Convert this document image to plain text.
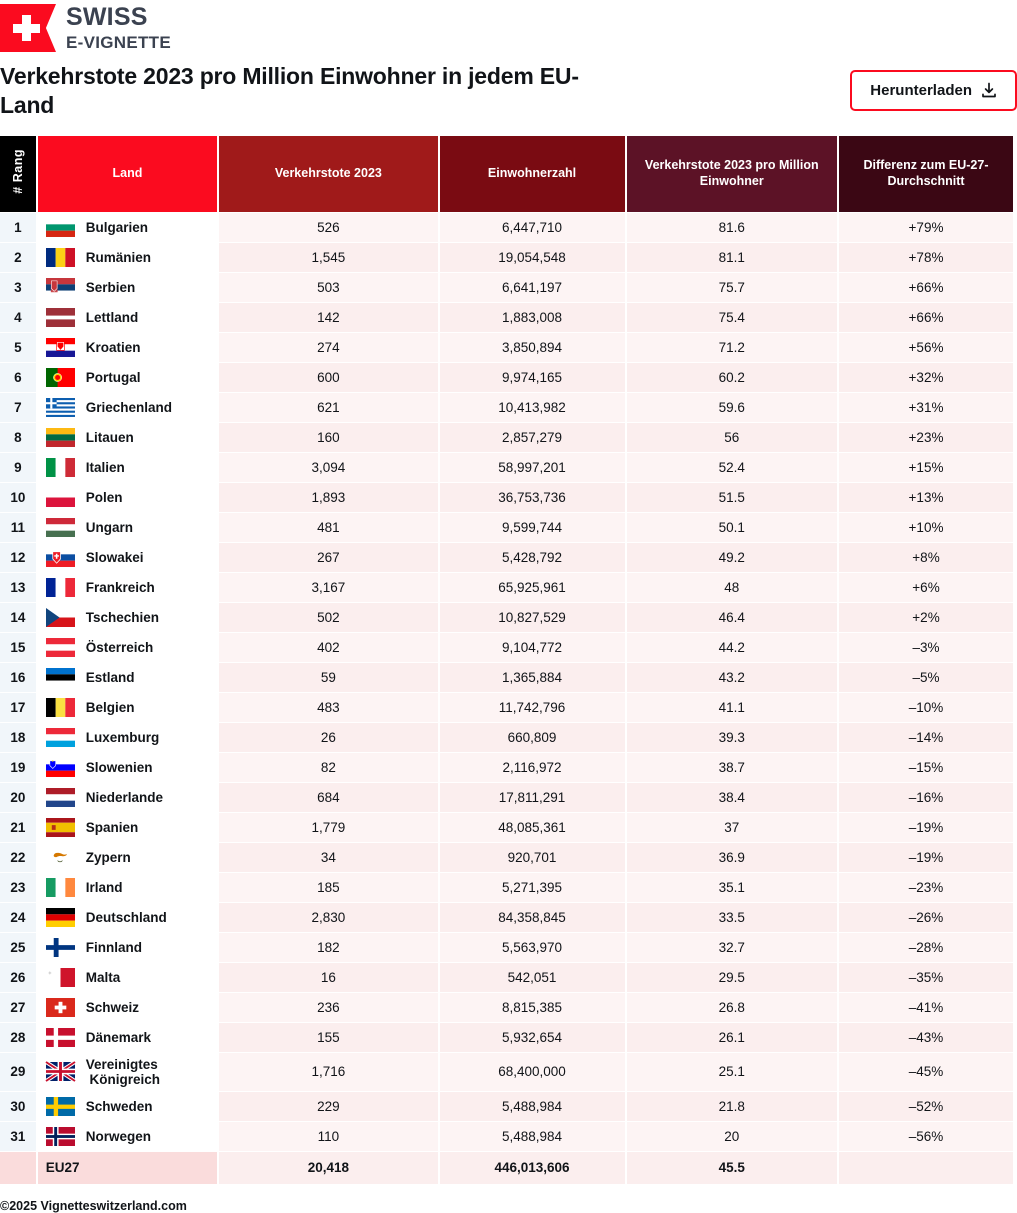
SWISS
E-VIGNETTE
Verkehrstote 2023 pro Million Einwohner in jedem EU-Land
Herunterladen
# Rang	Land	Verkehrstote 2023	Einwohnerzahl	Verkehrstote 2023 pro Million Einwohner	Differenz zum EU-27-Durchschnitt
1	Bulgarien	526	6,447,710	81.6	+79%
2	Rumänien	1,545	19,054,548	81.1	+78%
3	Serbien	503	6,641,197	75.7	+66%
4	Lettland	142	1,883,008	75.4	+66%
5	Kroatien	274	3,850,894	71.2	+56%
6	Portugal	600	9,974,165	60.2	+32%
7	Griechenland	621	10,413,982	59.6	+31%
8	Litauen	160	2,857,279	56	+23%
9	Italien	3,094	58,997,201	52.4	+15%
10	Polen	1,893	36,753,736	51.5	+13%
11	Ungarn	481	9,599,744	50.1	+10%
12	Slowakei	267	5,428,792	49.2	+8%
13	Frankreich	3,167	65,925,961	48	+6%
14	Tschechien	502	10,827,529	46.4	+2%
15	Österreich	402	9,104,772	44.2	–3%
16	Estland	59	1,365,884	43.2	–5%
17	Belgien	483	11,742,796	41.1	–10%
18	Luxemburg	26	660,809	39.3	–14%
19	Slowenien	82	2,116,972	38.7	–15%
20	Niederlande	684	17,811,291	38.4	–16%
21	Spanien	1,779	48,085,361	37	–19%
22	Zypern	34	920,701	36.9	–19%
23	Irland	185	5,271,395	35.1	–23%
24	Deutschland	2,830	84,358,845	33.5	–26%
25	Finnland	182	5,563,970	32.7	–28%
26	Malta	16	542,051	29.5	–35%
27	Schweiz	236	8,815,385	26.8	–41%
28	Dänemark	155	5,932,654	26.1	–43%
29	Vereinigtes
Königreich	1,716	68,400,000	25.1	–45%
30	Schweden	229	5,488,984	21.8	–52%
31	Norwegen	110	5,488,984	20	–56%
	EU27	20,418	446,013,606	45.5	
©2025 Vignetteswitzerland.com
